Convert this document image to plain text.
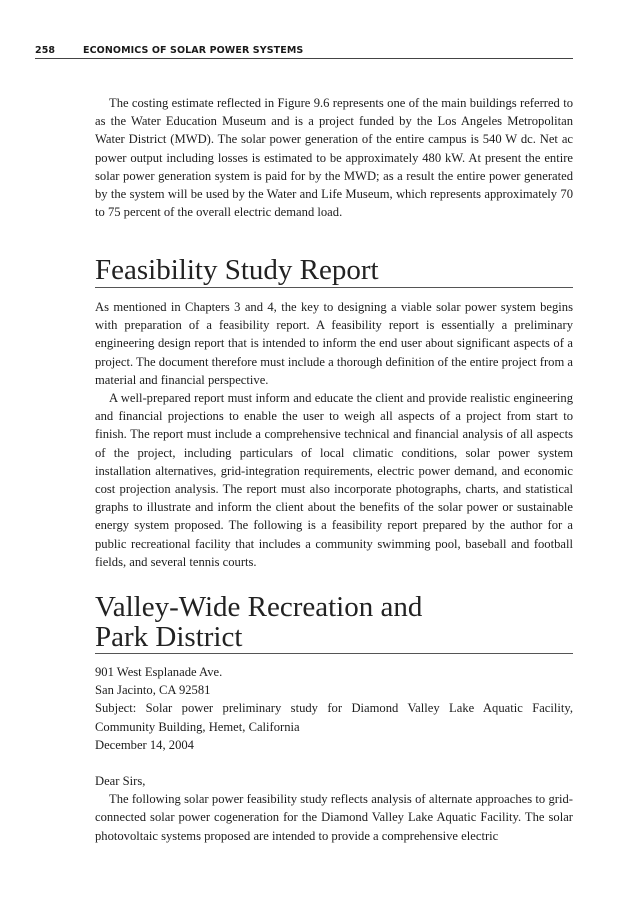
258	ECONOMICS OF SOLAR POWER SYSTEMS

The costing estimate reflected in Figure 9.6 represents one of the main buildings referred to as the Water Education Museum and is a project funded by the Los Angeles Metropolitan Water District (MWD). The solar power generation of the entire campus is 540 W dc. Net ac power output including losses is estimated to be approximately 480 kW. At present the entire solar power generation system is paid for by the MWD; as a result the entire power generated by the system will be used by the Water and Life Museum, which represents approximately 70 to 75 percent of the overall electric demand load.

Feasibility Study Report

As mentioned in Chapters 3 and 4, the key to designing a viable solar power system begins with preparation of a feasibility report. A feasibility report is essentially a preliminary engineering design report that is intended to inform the end user about significant aspects of a project. The document therefore must include a thorough definition of the entire project from a material and financial perspective.

A well-prepared report must inform and educate the client and provide realistic engineering and financial projections to enable the user to weigh all aspects of a project from start to finish. The report must include a comprehensive technical and financial analysis of all aspects of the project, including particulars of local climatic conditions, solar power system installation alternatives, grid-integration requirements, electric power demand, and economic cost projection analysis. The report must also incorporate photographs, charts, and statistical graphs to illustrate and inform the client about the benefits of the solar power or sustainable energy system proposed. The following is a feasibility report prepared by the author for a public recreational facility that includes a community swimming pool, baseball and football fields, and several tennis courts.

Valley-Wide Recreation and
Park District
901 West Esplanade Ave.
San Jacinto, CA 92581
Subject: Solar power preliminary study for Diamond Valley Lake Aquatic Facility, Community Building, Hemet, California
December 14, 2004
Dear Sirs,
The following solar power feasibility study reflects analysis of alternate approaches to grid-connected solar power cogeneration for the Diamond Valley Lake Aquatic Facility. The solar photovoltaic systems proposed are intended to provide a comprehensive electric
